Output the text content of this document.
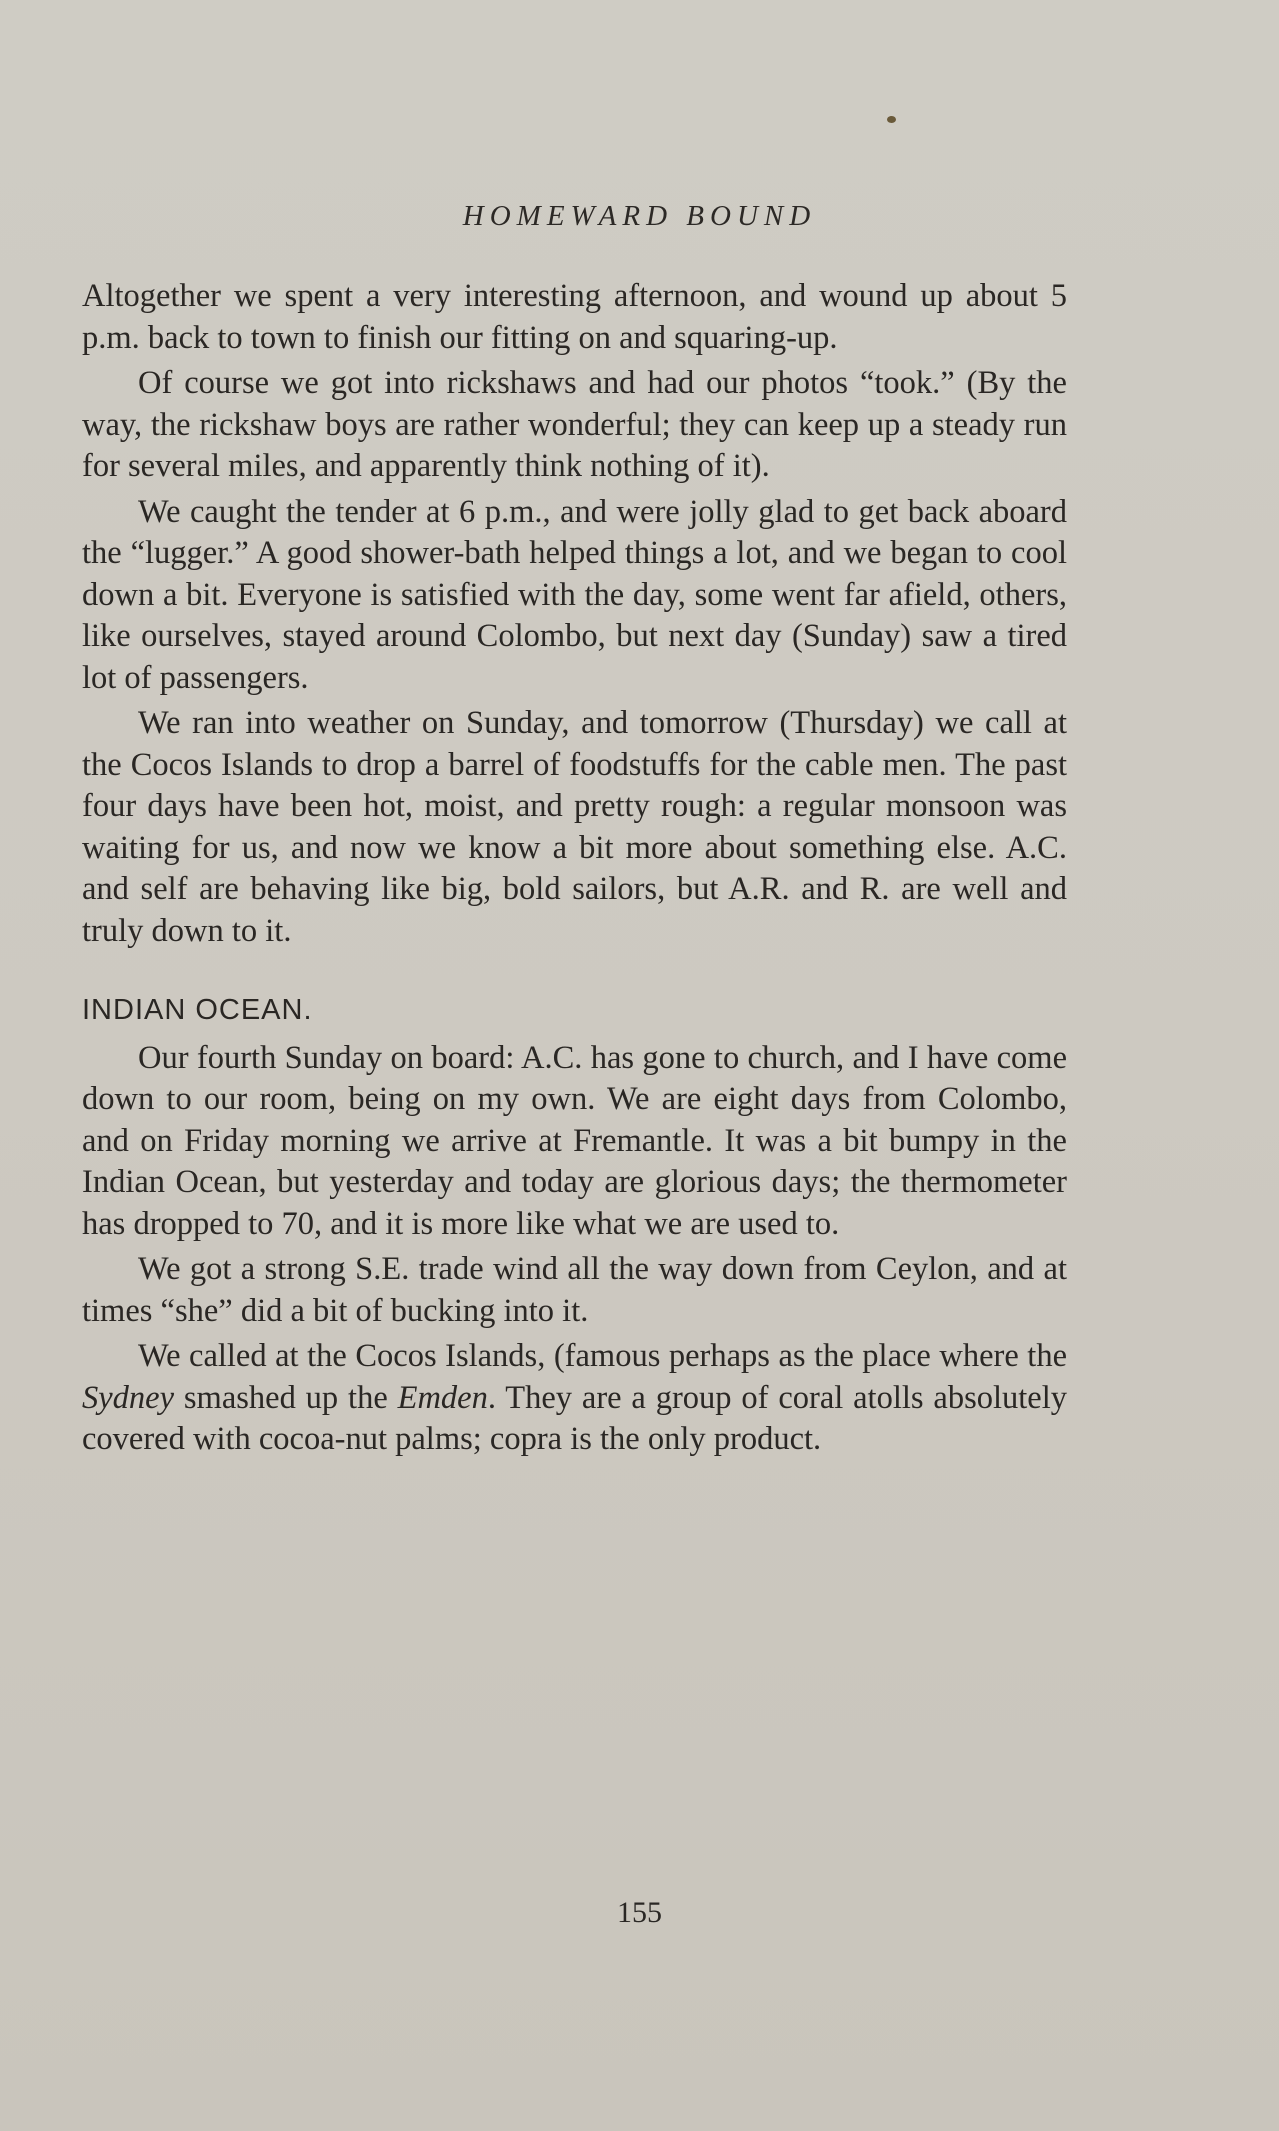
HOMEWARD BOUND

Altogether we spent a very interesting afternoon, and wound up about 5 p.m. back to town to finish our fitting on and squaring-up.

Of course we got into rickshaws and had our photos “took.” (By the way, the rickshaw boys are rather wonderful; they can keep up a steady run for several miles, and apparently think nothing of it).

We caught the tender at 6 p.m., and were jolly glad to get back aboard the “lugger.” A good shower-bath helped things a lot, and we began to cool down a bit. Everyone is satisfied with the day, some went far afield, others, like ourselves, stayed around Colombo, but next day (Sunday) saw a tired lot of passengers.

We ran into weather on Sunday, and tomorrow (Thursday) we call at the Cocos Islands to drop a barrel of foodstuffs for the cable men. The past four days have been hot, moist, and pretty rough: a regular monsoon was waiting for us, and now we know a bit more about something else. A.C. and self are behaving like big, bold sailors, but A.R. and R. are well and truly down to it.

INDIAN OCEAN.

Our fourth Sunday on board: A.C. has gone to church, and I have come down to our room, being on my own. We are eight days from Colombo, and on Friday morning we arrive at Fremantle. It was a bit bumpy in the Indian Ocean, but yesterday and today are glorious days; the thermometer has dropped to 70, and it is more like what we are used to.

We got a strong S.E. trade wind all the way down from Ceylon, and at times “she” did a bit of bucking into it.

We called at the Cocos Islands, (famous perhaps as the place where the Sydney smashed up the Emden. They are a group of coral atolls absolutely covered with cocoa-nut palms; copra is the only product.

155
